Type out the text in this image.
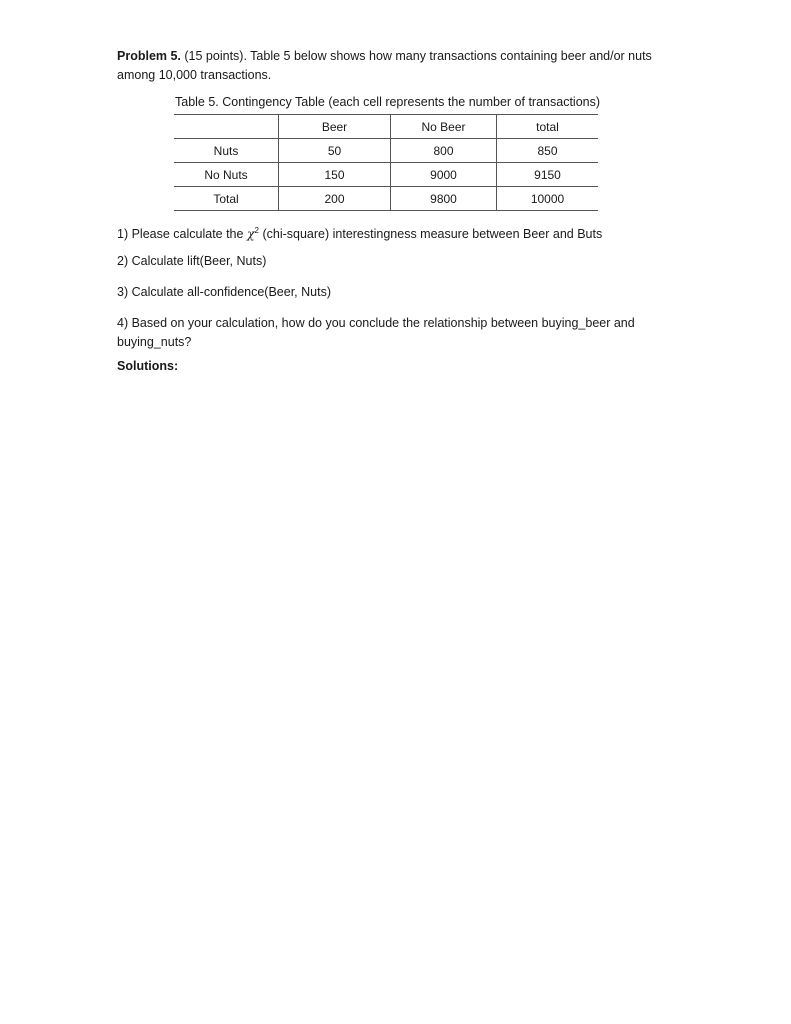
Problem 5. (15 points). Table 5 below shows how many transactions containing beer and/or nuts among 10,000 transactions.
Table 5. Contingency Table (each cell represents the number of transactions)
	Beer	No Beer	total
Nuts	50	800	850
No Nuts	150	9000	9150
Total	200	9800	10000
1) Please calculate the $\chi^2$ (chi-square) interestingness measure between Beer and Buts
2) Calculate lift(Beer, Nuts)
3) Calculate all-confidence(Beer, Nuts)
4) Based on your calculation, how do you conclude the relationship between buying_beer and buying_nuts?
Solutions:
